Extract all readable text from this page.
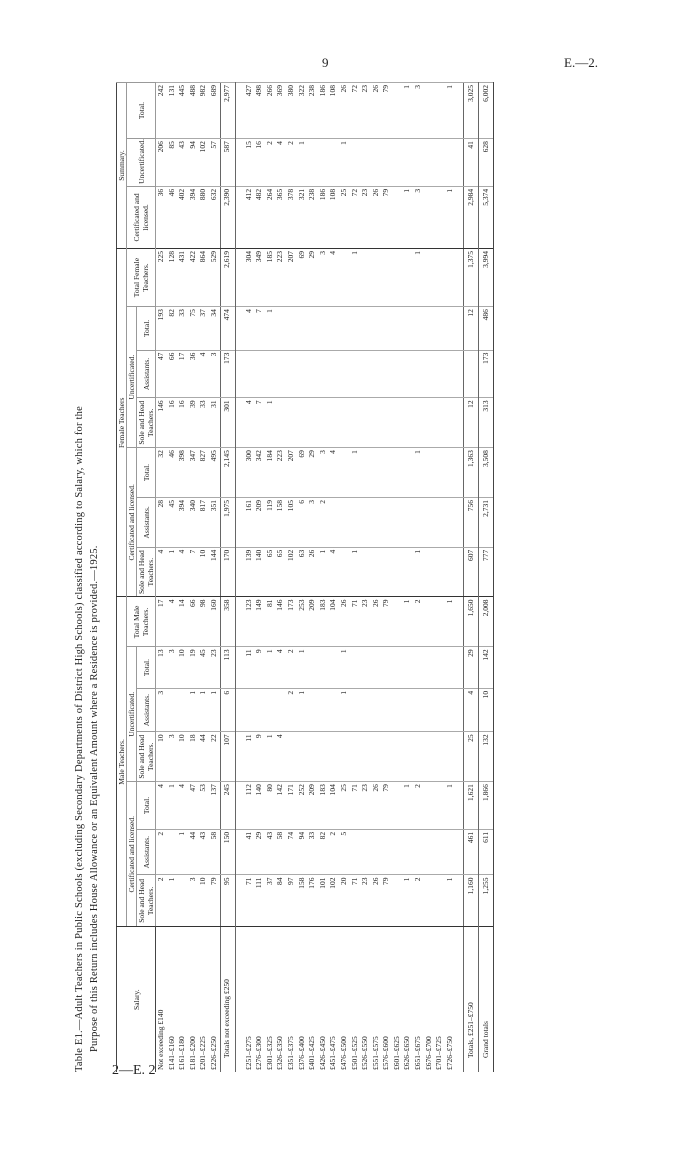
9	E.—2.
2—E. 2
Table E1.—Adult Teachers in Public Schools (excluding Secondary Departments of District High Schools) classified according to Salary, which for the Purpose of this Return includes House Allowance or an Equivalent Amount where a Residence is provided.—1925.	Salary.	Male Teachers.							Female Teachers							Summary.		
	Certificated and licensed.			Uncertificated.			Total Male Teachers.	Certificated and licensed.			Uncertificated.			Total Female Teachers.	Certificated and licensed.	Uncertificated.	Total.
	Sole and Head Teachers.	Assistants.	Total.	Sole and Head Teachers.	Assistants.	Total.		Sole and Head Teachers.	Assistants.	Total.	Sole and Head Teachers.	Assistants.	Total.				
Not exceeding £140	2	2	4	10	3	13	17	4	28	32	146	47	193	225	36	206	242
£141–£160	1		1	3		3	4	1	45	46	16	66	82	128	46	85	131
£161–£180		1	4	10		10	14	4	394	398	16	17	33	431	402	43	445
£181–£200	3	44	47	18	1	19	66	7	340	347	39	36	75	422	394	94	488
£201–£225	10	43	53	44	1	45	98	10	817	827	33	4	37	864	880	102	982
£226–£250	79	58	137	22	1	23	160	144	351	495	31	3	34	529	632	57	689
Totals not exceeding £250	95	150	245	107	6	113	358	170	1,975	2,145	301	173	474	2,619	2,390	587	2,977

£251–£275	71	41	112	11		11	123	139	161	300	4		4	304	412	15	427
£276–£300	111	29	140	9		9	149	140	209	342	7		7	349	482	16	498
£301–£325	37	43	80	1		1	81	65	119	184	1		1	185	264	2	266
£326–£350	84	58	142	4		4	146	65	158	223				223	365	4	369
£351–£375	97	74	171		2	2	173	102	105	207				207	378	2	380
£376–£400	158	94	252		1	1	253	63	6	69				69	321	1	322
£401–£425	176	33	209				209	26	3	29				29	238		238
£426–£450	101	82	183				183	1	2	3				3	186		186
£451–£475	102	2	104				104	4		4				4	108		108
£476–£500	20	5	25		1	1	26								25	1	26
£501–£525	71		71				71	1		1				1	72		72
£526–£550	23		23				23								23		23
£551–£575	26		26				26								26		26
£576–£600	79		79				79								79		79
£601–£625																	
£626–£650	1		1				1								1		1
£651–£675	2		2				2	1		1				1	3		3
£676–£700																	
£701–£725																	
£726–£750	1		1				1								1		1

Totals, £251–£750	1,160	461	1,621	25	4	29	1,650	607	756	1,363	12		12	1,375	2,984	41	3,025
Grand totals	1,255	611	1,866	132	10	142	2,008	777	2,731	3,508	313	173	486	3,994	5,374	628	6,002
